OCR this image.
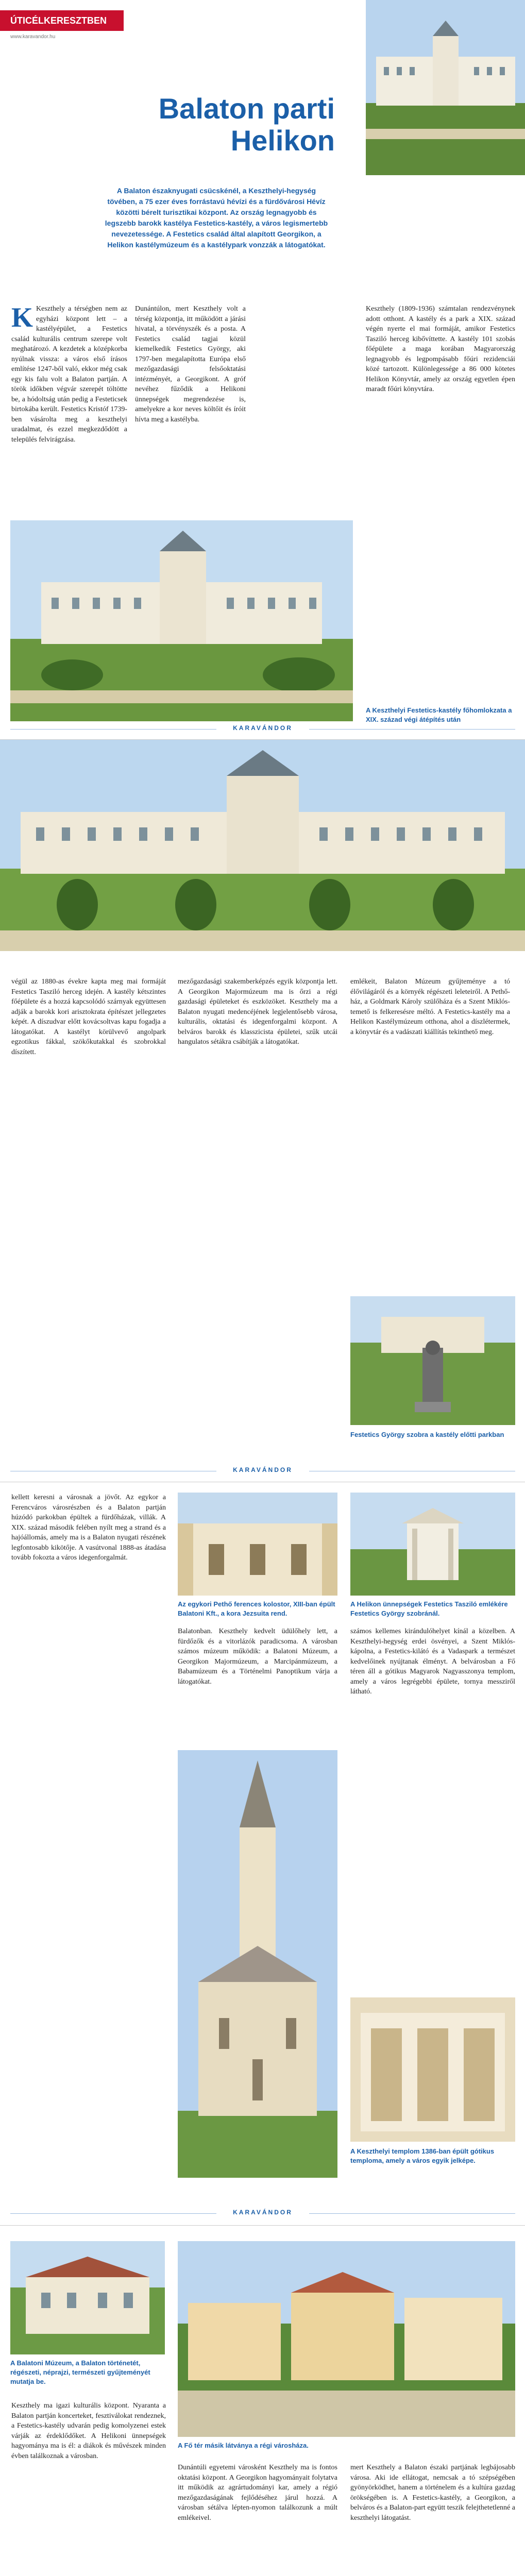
ÚTICÉLKERESZTBEN
www.karavandor.hu
Balaton parti
Helikon
A Balaton északnyugati csücskénél, a Keszthelyi-hegység tövében, a 75 ezer éves forrástavú hévízi és a fürdővárosi Hévíz közötti bérelt turisztikai központ. Az ország legnagyobb és legszebb barokk kastélya Festetics-kastély, a város legismertebb nevezetessége. A Festetics család által alapított Georgikon, a Helikon kastélymúzeum és a kastélypark vonzzák a látogatókat.
K Keszthely a térségben nem az egyházi központ lett – a kastélyépület, a Festetics család kulturális centrum szerepe volt meghatározó. A kezdetek a középkorba nyúlnak vissza: a város első írásos említése 1247-ből való, ekkor még csak egy kis falu volt a Balaton partján. A török időkben végvár szerepét töltötte be, a hódoltság után pedig a Festeticsek birtokába került. Festetics Kristóf 1739-ben vásárolta meg a keszthelyi uradalmat, és ezzel megkezdődött a település felvirágzása.
Dunántúlon, mert Keszthely volt a térség központja, itt működött a járási hivatal, a törvényszék és a posta. A Festetics család tagjai közül kiemelkedik Festetics György, aki 1797-ben megalapította Európa első mezőgazdasági felsőoktatási intézményét, a Georgikont. A gróf nevéhez fűződik a Helikoni ünnepségek megrendezése is, amelyekre a kor neves költőit és íróit hívta meg a kastélyba.
Keszthely (1809-1936) számtalan rendezvénynek adott otthont. A kastély és a park a XIX. század végén nyerte el mai formáját, amikor Festetics Tasziló herceg kibővíttette. A kastély 101 szobás főépülete a maga korában Magyarország legnagyobb és legpompásabb főúri rezidenciái közé tartozott. Különlegessége a 86 000 kötetes Helikon Könyvtár, amely az ország egyetlen épen maradt főúri könyvtára.
A Keszthelyi Festetics-kastély főhomlokzata a XIX. század végi átépítés után
KARAVÁNDOR
végül az 1880-as évekre kapta meg mai formáját Festetics Tasziló herceg idején. A kastély kétszintes főépülete és a hozzá kapcsolódó szárnyak együttesen adják a barokk kori arisztokrata építészet jellegzetes képét. A díszudvar előtt kovácsoltvas kapu fogadja a látogatókat. A kastélyt körülvevő angolpark egzotikus fákkal, szökőkutakkal és szobrokkal díszített.
mezőgazdasági szakemberképzés egyik központja lett. A Georgikon Majormúzeum ma is őrzi a régi gazdasági épületeket és eszközöket. Keszthely ma a Balaton nyugati medencéjének legjelentősebb városa, kulturális, oktatási és idegenforgalmi központ. A belváros barokk és klasszicista épületei, szűk utcái hangulatos sétákra csábítják a látogatókat.
emlékeit, Balaton Múzeum gyűjteménye a tó élővilágáról és a környék régészeti leleteiről. A Pethő-ház, a Goldmark Károly szülőháza és a Szent Miklós-temető is felkeresésre méltó. A Festetics-kastély ma a Helikon Kastélymúzeum otthona, ahol a díszlétermek, a könyvtár és a vadászati kiállítás tekinthető meg.
Festetics György szobra a kastély előtti parkban
KARAVÁNDOR
kellett keresni a városnak a jövőt. Az egykor a Ferencváros városrészben és a Balaton partján húzódó parkokban épültek a fürdőházak, villák. A XIX. század második felében nyílt meg a strand és a hajóállomás, amely ma is a Balaton nyugati részének legfontosabb kikötője. A vasútvonal 1888-as átadása tovább fokozta a város idegenforgalmát.
Az egykori Pethő ferences kolostor, XIII-ban épült Balatoni Kft., a kora Jezsuita rend.
A Helikon ünnepségek Festetics Tasziló emlékére Festetics György szobránál.
Balatonban. Keszthely kedvelt üdülőhely lett, a fürdőzők és a vitorlázók paradicsoma. A városban számos múzeum működik: a Balatoni Múzeum, a Georgikon Majormúzeum, a Marcipánmúzeum, a Babamúzeum és a Történelmi Panoptikum várja a látogatókat.
számos kellemes kirándulóhelyet kínál a közelben. A Keszthelyi-hegység erdei ösvényei, a Szent Miklós-kápolna, a Festetics-kilátó és a Vadaspark a természet kedvelőinek nyújtanak élményt. A belvárosban a Fő téren áll a gótikus Magyarok Nagyasszonya templom, amely a város legrégebbi épülete, tornya messziről látható.
A Keszthelyi templom 1386-ban épült gótikus temploma, amely a város egyik jelképe.
KARAVÁNDOR
A Balatoni Múzeum, a Balaton történetét, régészeti, néprajzi, természeti gyűjteményét mutatja be.
A Fő tér másik látványa a régi városháza.
Keszthely ma igazi kulturális központ. Nyaranta a Balaton partján koncerteket, fesztiválokat rendeznek, a Festetics-kastély udvarán pedig komolyzenei estek várják az érdeklődőket. A Helikoni ünnepségek hagyománya ma is él: a diákok és művészek minden évben találkoznak a városban.
Dunántúli egyetemi városként Keszthely ma is fontos oktatási központ. A Georgikon hagyományait folytatva itt működik az agrártudományi kar, amely a régió mezőgazdaságának fejlődéséhez járul hozzá. A városban sétálva lépten-nyomon találkozunk a múlt emlékeivel.
mert Keszthely a Balaton északi partjának legbájosabb városa. Aki ide ellátogat, nemcsak a tó szépségében gyönyörködhet, hanem a történelem és a kultúra gazdag örökségében is. A Festetics-kastély, a Georgikon, a belváros és a Balaton-part együtt teszik felejthetetlenné a keszthelyi látogatást.
